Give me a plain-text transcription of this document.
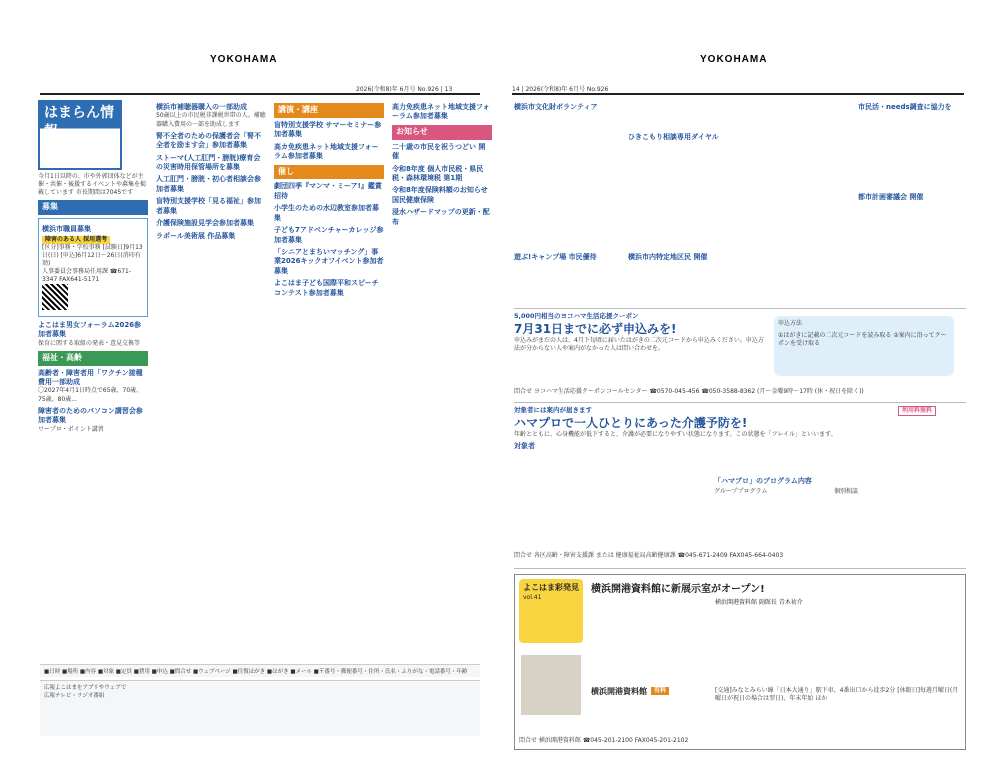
YOKOHAMA
2026(令和8)年 6月号 No.926 | 13
はまらん情報
今月1日以降の、市や外郭団体などが主催・共催・後援するイベントや募集を掲載しています 市長期間は7045です
募集
横浜市職員募集
障害のある人 採用選考
[区分]事務・学校事務 [試験日]9月13日(日) [申込]6月12日～26日(消印有効)
人事委員会事務局任用課 ☎671-3347 FAX641-5171
よこはま男女フォーラム2026参加者募集
保育に関する取組の発表・意見交換等
福祉・高齢
高齢者・障害者用「ワクチン接種費用一部助成
〇2027年4月1日時点で65歳、70歳、75歳、80歳...
障害者のためのパソコン講習会参加者募集
ワープロ・ポイント講習
横浜市補聴器購入の一部助成
50歳以上の市民税非課税世帯の人。補聴器購入費用の一部を助成します
腎不全者のための保護者会「腎不全者を励ます会」参加者募集
ストーマ(人工肛門・膀胱)療育会の災害時用保管場所を募集
人工肛門・膀胱・初心者相談会参加者募集
盲特別支援学校「見る福祉」参加者募集
介護保険施設見学会参加者募集
ラポール美術展 作品募集
講演・講座
盲特別支援学校 サマーセミナー参加者募集
高カ免疾患ネット地域支援フォーラム参加者募集
催し
劇団四季『マンマ・ミーア!』鑑賞招待
小学生のための水辺教室参加者募集
子ども7アドベンチャーカレッジ参加者募集
「シニアとまちいマッチング」事業2026キックオフイベント参加者募集
よこはま子ども国際平和スピーチコンテスト参加者募集
高力免疾患ネット地域支援フォーラム参加者募集
お知らせ
二十歳の市民を祝うつどい 開催
令和8年度 個人市民税・県民税・森林環境税 第1期
令和8年度保険料額のお知らせ 国民健康保険
浸水ハザードマップの更新・配布
■日時 ■場所 ■内容 ■対象 ■定員 ■費用 ■申込 ■問合せ ■ウェブページ ■往復はがき ■はがき ■メール ■〒番号・郵便番号・住所・氏名・ふりがな・電話番号・年齢
広報よこはまをアプリやウェブで
広報テレビ・ラジオ番組
YOKOHAMA
14 | 2026(令和8)年 6月号 No.926
横浜市文化財ボランティア
ひきこもり相談専用ダイヤル
遊ぶ!キャンプ場 市民優待	横浜市内特定地区民 開催
市民活・needs調査に協力を
都市計画審議会 開催
5,000円相当のヨコハマ生活応援クーポン
7月31日までに必ず申込みを!
申込みがまだの人は、4月下旬頃に届いたはがきの二次元コードから申込みください。申込方法が分からない人や案内がなかった人は問い合わせを。
申込方法
①はがきに記載の二次元コードを読み取る ②案内に沿ってクーポンを受け取る
問合せ ヨコハマ生活応援クーポンコールセンター ☎0570-045-456 ☎050-3588-8362 (月～金曜9時～17時 (休・祝日を除く))
対象者には案内が届きます
ハマプロで一人ひとりにあった介護予防を!
利用料無料
年齢とともに、心身機能が低下すると、介護が必要になりやすい状態になります。この状態を「フレイル」といいます。
対象者
「ハマプロ」のプログラム内容
グループプログラム	個別相談
問合せ 各区高齢・障害支援課 または 健康福祉局高齢健康課 ☎045-671-2409 FAX045-664-0403
よこはま彩発見
vol.41
横浜開港資料館に新展示室がオープン!
横浜開港資料館 副館長 青木祐介
横浜開港資料館	有料	[交通]みなとみらい線「日本大通り」駅下車、4番出口から徒歩2分 [休館日]毎週月曜日(月曜日が祝日の場合は翌日)、年末年始 ほか
問合せ 横浜開港資料館 ☎045-201-2100 FAX045-201-2102
